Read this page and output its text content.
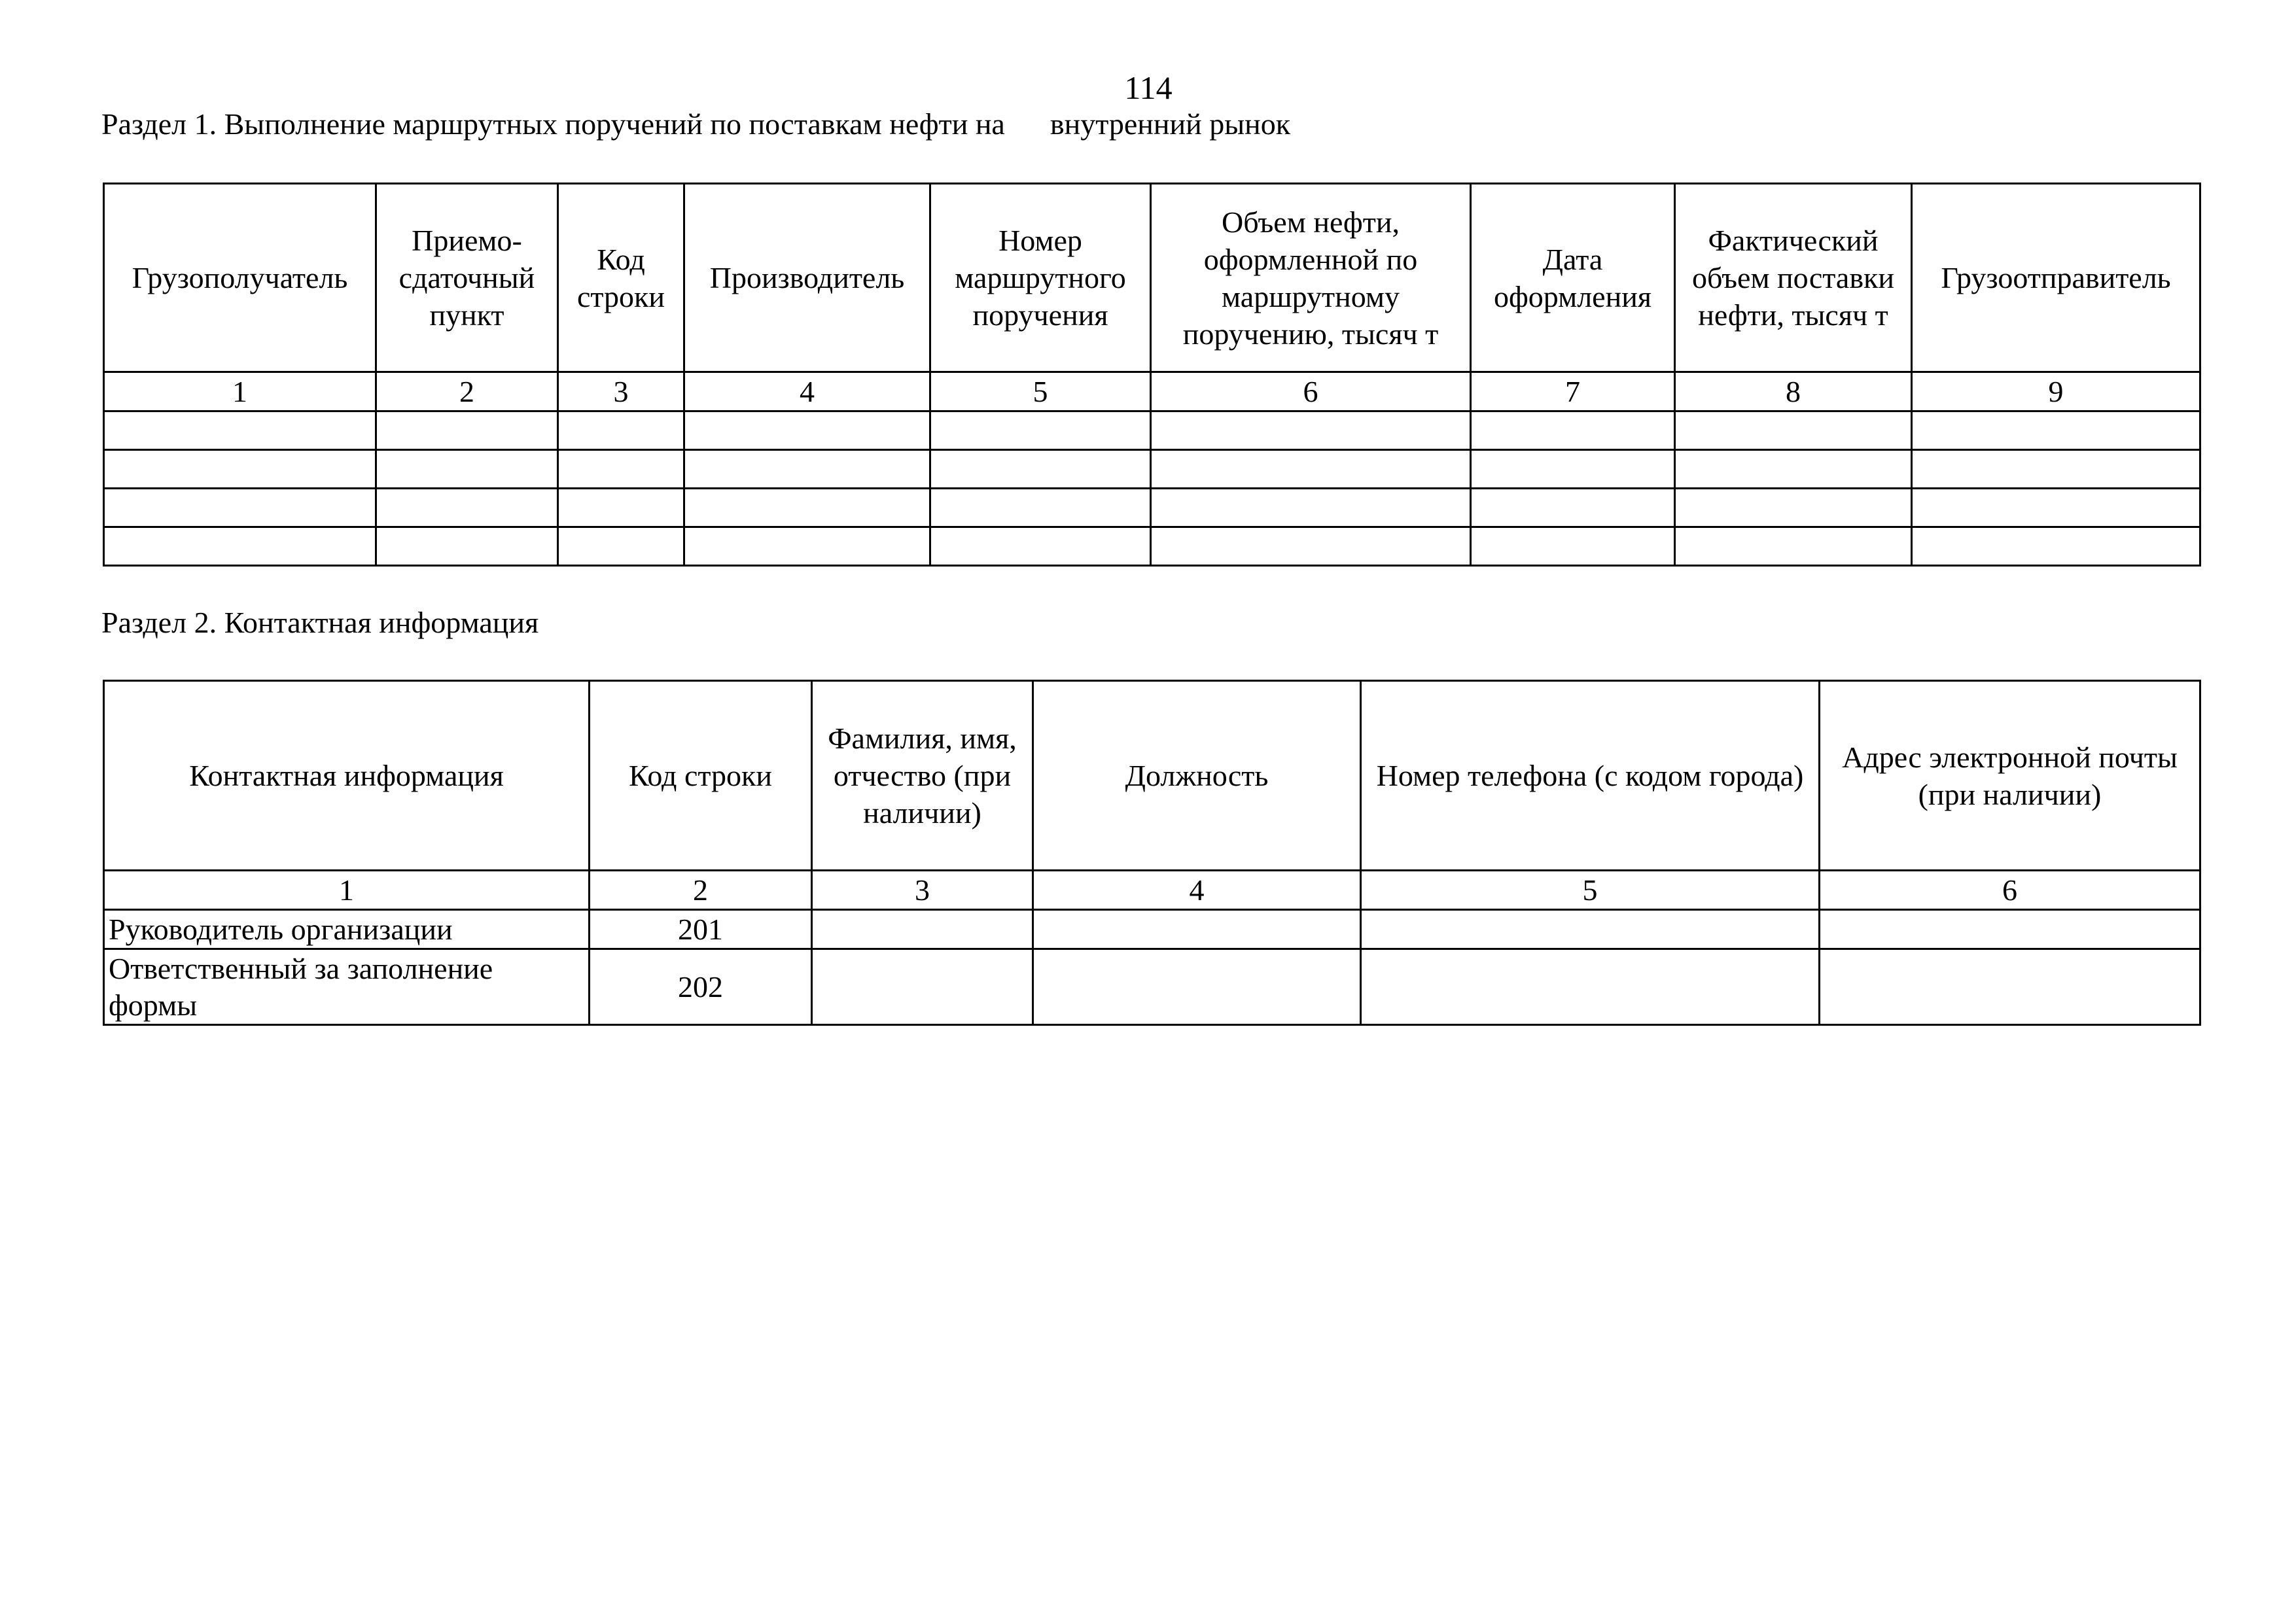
114
Раздел 1. Выполнение маршрутных поручений по поставкам нефти на      внутренний рынок
Грузополучатель	Приемо-сдаточный пункт	Код строки	Производитель	Номер маршрутного поручения	Объем нефти, оформленной по маршрутному поручению, тысяч т	Дата оформления	Фактический объем поставки нефти, тысяч т	Грузоотправитель
1	2	3	4	5	6	7	8	9

Раздел 2. Контактная информация
Контактная информация	Код строки	Фамилия, имя, отчество (при наличии)	Должность	Номер телефона (с кодом города)	Адрес электронной почты (при наличии)
1	2	3	4	5	6
Руководитель организации	201				
Ответственный за заполнение формы	202				
